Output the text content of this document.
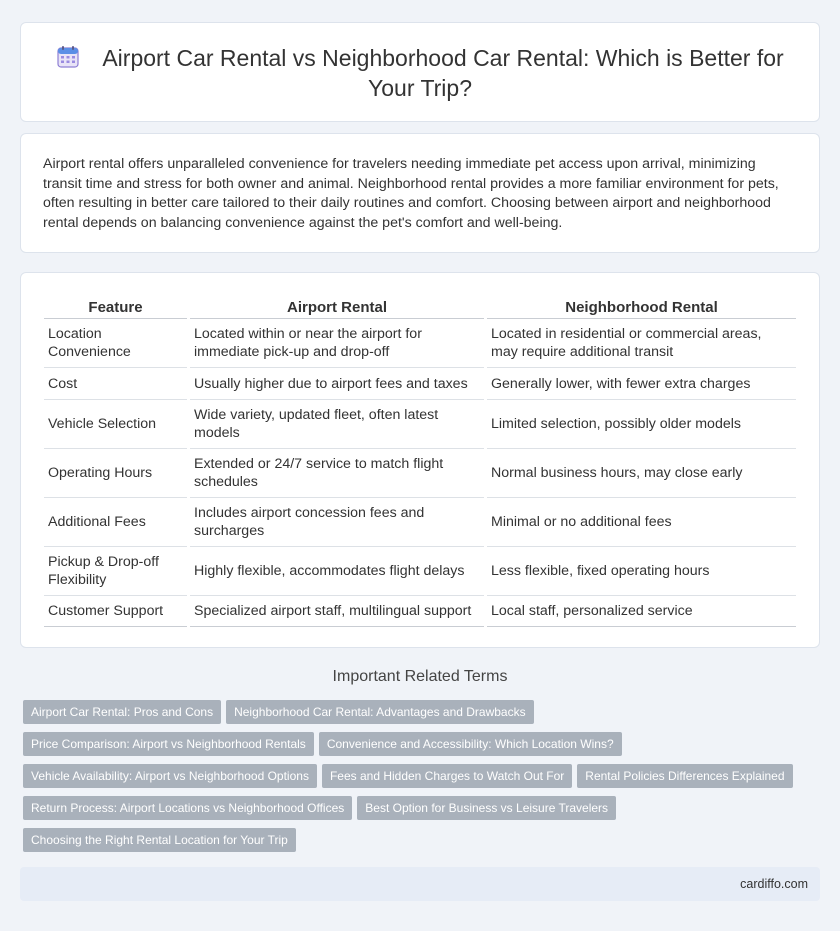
Airport Car Rental vs Neighborhood Car Rental: Which is Better for Your Trip?

Airport rental offers unparalleled convenience for travelers needing immediate pet access upon arrival, minimizing transit time and stress for both owner and animal. Neighborhood rental provides a more familiar environment for pets, often resulting in better care tailored to their daily routines and comfort. Choosing between airport and neighborhood rental depends on balancing convenience against the pet's comfort and well-being.

Feature	Airport Rental	Neighborhood Rental
Location Convenience	Located within or near the airport for immediate pick-up and drop-off	Located in residential or commercial areas, may require additional transit
Cost	Usually higher due to airport fees and taxes	Generally lower, with fewer extra charges
Vehicle Selection	Wide variety, updated fleet, often latest models	Limited selection, possibly older models
Operating Hours	Extended or 24/7 service to match flight schedules	Normal business hours, may close early
Additional Fees	Includes airport concession fees and surcharges	Minimal or no additional fees
Pickup & Drop-off Flexibility	Highly flexible, accommodates flight delays	Less flexible, fixed operating hours
Customer Support	Specialized airport staff, multilingual support	Local staff, personalized service
Important Related Terms
Airport Car Rental: Pros and Cons Neighborhood Car Rental: Advantages and Drawbacks
Price Comparison: Airport vs Neighborhood Rentals Convenience and Accessibility: Which Location Wins?
Vehicle Availability: Airport vs Neighborhood Options Fees and Hidden Charges to Watch Out For Rental Policies Differences Explained
Return Process: Airport Locations vs Neighborhood Offices Best Option for Business vs Leisure Travelers
Choosing the Right Rental Location for Your Trip
cardiffo.com
